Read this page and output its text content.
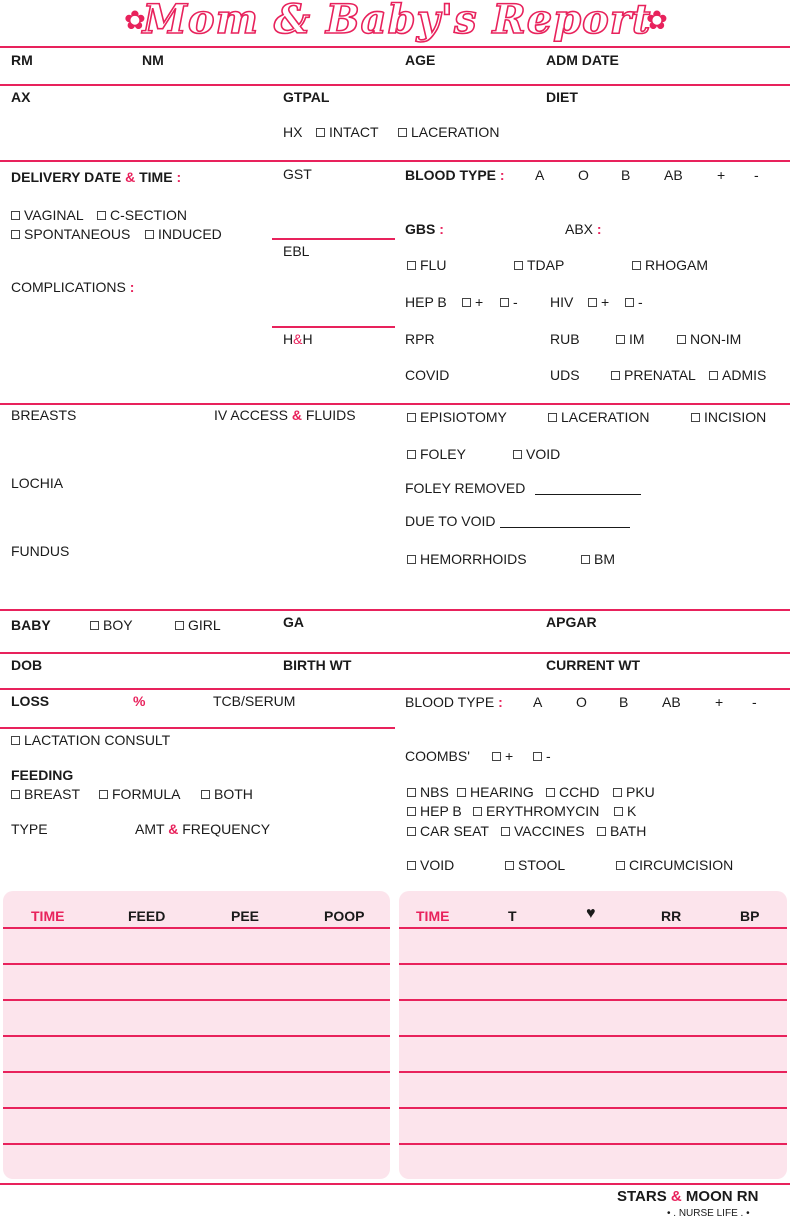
✿
Mom & Baby's Report
✿
RM	NM	AGE	ADM DATE
AX	GTPAL	DIET
HX	INTACT	LACERATION
DELIVERY DATE & TIME :
VAGINAL	C-SECTION
SPONTANEOUS	INDUCED
COMPLICATIONS :
GST
EBL
H&H
BLOOD TYPE : A O B AB + -
GBS :	ABX :
FLU	TDAP	RHOGAM
HEP B	+	- HIV	+	-
RPR	RUB	IM	NON-IM
COVID	UDS	PRENATAL	ADMIS
BREASTS	IV ACCESS & FLUIDS
LOCHIA
FUNDUS
EPISIOTOMY	LACERATION	INCISION
FOLEY	VOID
FOLEY REMOVED
DUE TO VOID
HEMORRHOIDS	BM
BABY	BOY	GIRL	GA	APGAR
DOB	BIRTH WT	CURRENT WT
LOSS	%	TCB/SERUM	BLOOD TYPE : A O B AB + -
LACTATION CONSULT
FEEDING
BREAST	FORMULA	BOTH
TYPE	AMT & FREQUENCY
COOMBS'	+	-
NBS	HEARING	CCHD	PKU
HEP B	ERYTHROMYCIN	K
CAR SEAT	VACCINES	BATH
VOID	STOOL	CIRCUMCISION
TIME	FEED	PEE	POOP	TIME	T	♥	RR	BP
STARS & MOON RN
• . NURSE LIFE . •
